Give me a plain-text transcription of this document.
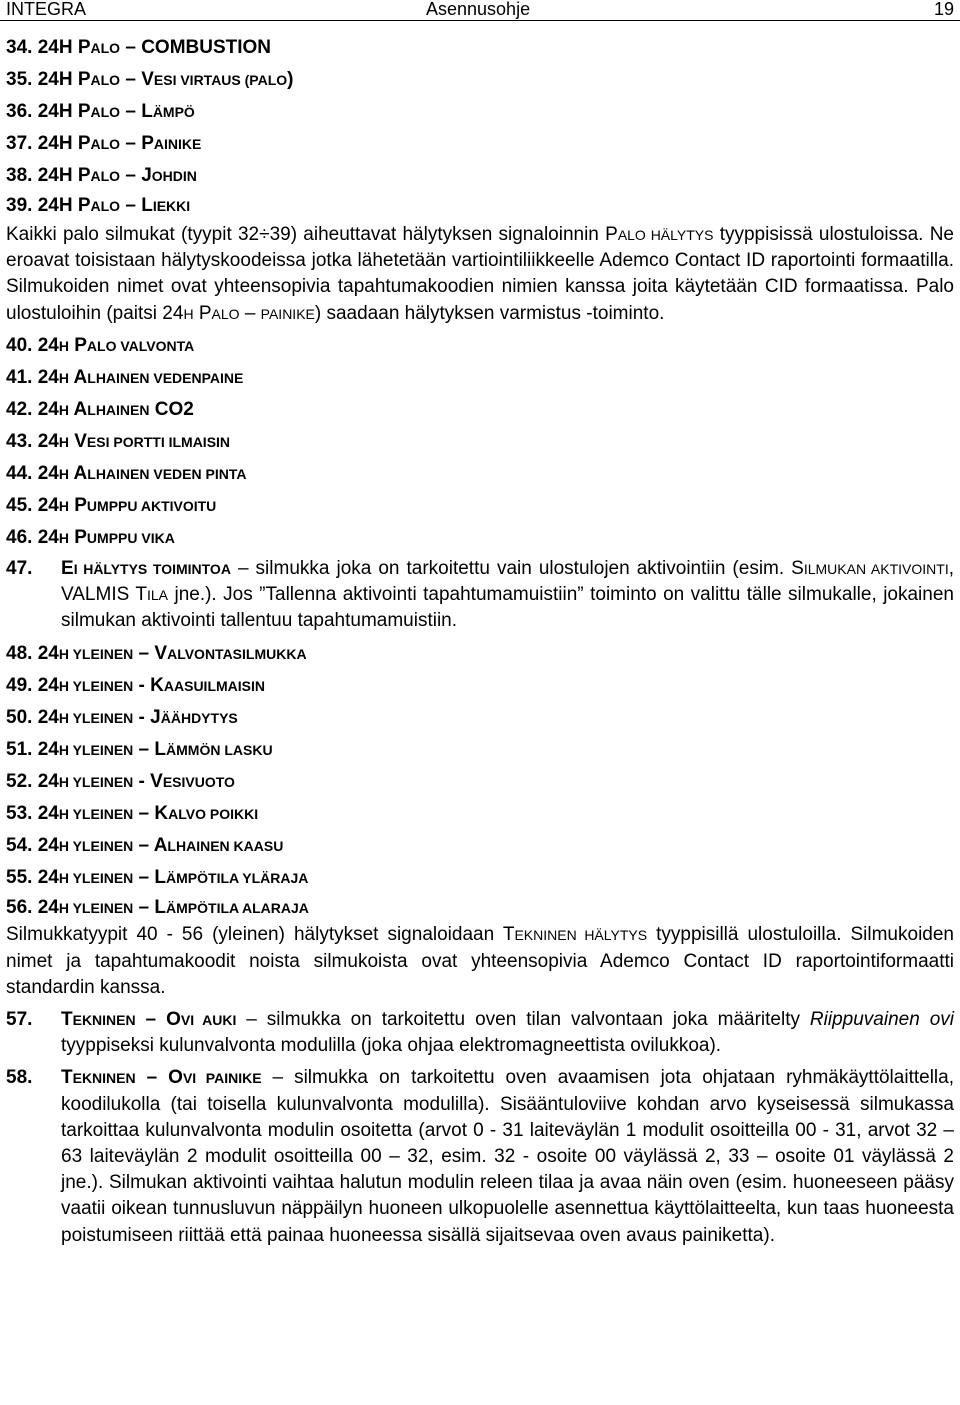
INTEGRA	Asennusohje	19
34. 24H PALO – COMBUSTION
35. 24H PALO – VESI VIRTAUS (PALO)
36. 24H PALO – LÄMPÖ
37. 24H PALO – PAINIKE
38. 24H PALO – JOHDIN
39. 24H PALO – LIEKKI

Kaikki palo silmukat (tyypit 32÷39) aiheuttavat hälytyksen signaloinnin PALO HÄLYTYS tyyppisissä ulostuloissa. Ne eroavat toisistaan hälytyskoodeissa jotka lähetetään vartiointiliikkeelle Ademco Contact ID raportointi formaatilla. Silmukoiden nimet ovat yhteensopivia tapahtumakoodien nimien kanssa joita käytetään CID formaatissa. Palo ulostuloihin (paitsi 24H PALO – PAINIKE) saadaan hälytyksen varmistus -toiminto.

40. 24H PALO VALVONTA
41. 24H ALHAINEN VEDENPAINE
42. 24H ALHAINEN CO2
43. 24H VESI PORTTI ILMAISIN
44. 24H ALHAINEN VEDEN PINTA
45. 24H PUMPPU AKTIVOITU
46. 24H PUMPPU VIKA
47. EI HÄLYTYS TOIMINTOA – silmukka joka on tarkoitettu vain ulostulojen aktivointiin (esim. SILMUKAN AKTIVOINTI, VALMIS TILA jne.). Jos ”Tallenna aktivointi tapahtumamuistiin” toiminto on valittu tälle silmukalle, jokainen silmukan aktivointi tallentuu tapahtumamuistiin.
48. 24H YLEINEN – VALVONTASILMUKKA
49. 24H YLEINEN - KAASUILMAISIN
50. 24H YLEINEN - JÄÄHDYTYS
51. 24H YLEINEN – LÄMMÖN LASKU
52. 24H YLEINEN - VESIVUOTO
53. 24H YLEINEN – KALVO POIKKI
54. 24H YLEINEN – ALHAINEN KAASU
55. 24H YLEINEN – LÄMPÖTILA YLÄRAJA
56. 24H YLEINEN – LÄMPÖTILA ALARAJA

Silmukkatyypit 40 - 56 (yleinen) hälytykset signaloidaan TEKNINEN HÄLYTYS tyyppisillä ulostuloilla. Silmukoiden nimet ja tapahtumakoodit noista silmukoista ovat yhteensopivia Ademco Contact ID raportointiformaatti standardin kanssa.

57. TEKNINEN – OVI AUKI – silmukka on tarkoitettu oven tilan valvontaan joka määritelty Riippuvainen ovi tyyppiseksi kulunvalvonta modulilla (joka ohjaa elektromagneettista ovilukkoa).
58. TEKNINEN – OVI PAINIKE – silmukka on tarkoitettu oven avaamisen jota ohjataan ryhmäkäyttölaittella, koodilukolla (tai toisella kulunvalvonta modulilla). Sisääntuloviive kohdan arvo kyseisessä silmukassa tarkoittaa kulunvalvonta modulin osoitetta (arvot 0 - 31 laiteväylän 1 modulit osoitteilla 00 - 31, arvot 32 – 63 laiteväylän 2 modulit osoitteilla 00 – 32, esim. 32 - osoite 00 väylässä 2, 33 – osoite 01 väylässä 2 jne.). Silmukan aktivointi vaihtaa halutun modulin releen tilaa ja avaa näin oven (esim. huoneeseen pääsy vaatii oikean tunnusluvun näppäilyn huoneen ulkopuolelle asennettua käyttölaitteelta, kun taas huoneesta poistumiseen riittää että painaa huoneessa sisällä sijaitsevaa oven avaus painiketta).
